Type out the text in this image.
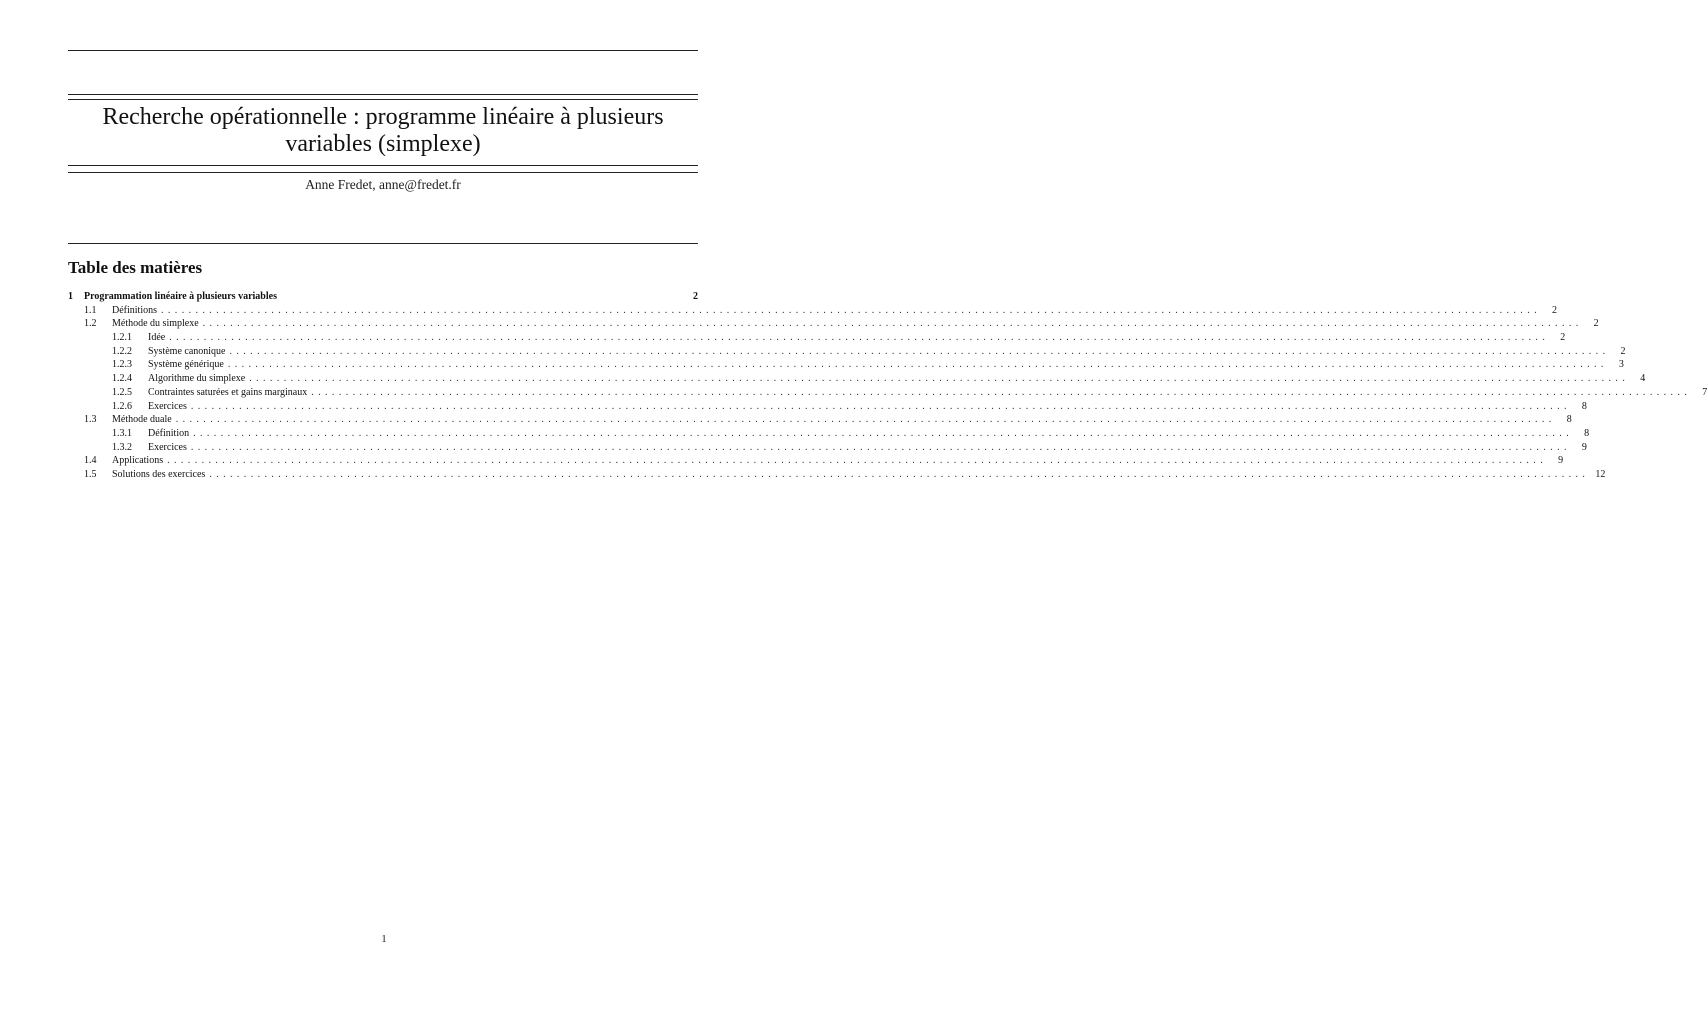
Recherche opérationnelle : programme linéaire à plusieurs
variables (simplexe)
Anne Fredet, anne@fredet.fr
Table des matières
1	Programmation linéaire à plusieurs variables	2
1.1	Définitions ........................................................................................................................................................................................................	2
1.2	Méthode du simplexe ........................................................................................................................................................................................................	2
1.2.1	Idée ........................................................................................................................................................................................................	2
1.2.2	Système canonique ........................................................................................................................................................................................................	2
1.2.3	Système générique ........................................................................................................................................................................................................	3
1.2.4	Algorithme du simplexe ........................................................................................................................................................................................................	4
1.2.5	Contraintes saturées et gains marginaux ........................................................................................................................................................................................................	7
1.2.6	Exercices ........................................................................................................................................................................................................	8
1.3	Méthode duale ........................................................................................................................................................................................................	8
1.3.1	Définition ........................................................................................................................................................................................................	8
1.3.2	Exercices ........................................................................................................................................................................................................	9
1.4	Applications ........................................................................................................................................................................................................	9
1.5	Solutions des exercices ........................................................................................................................................................................................................ 12
1
